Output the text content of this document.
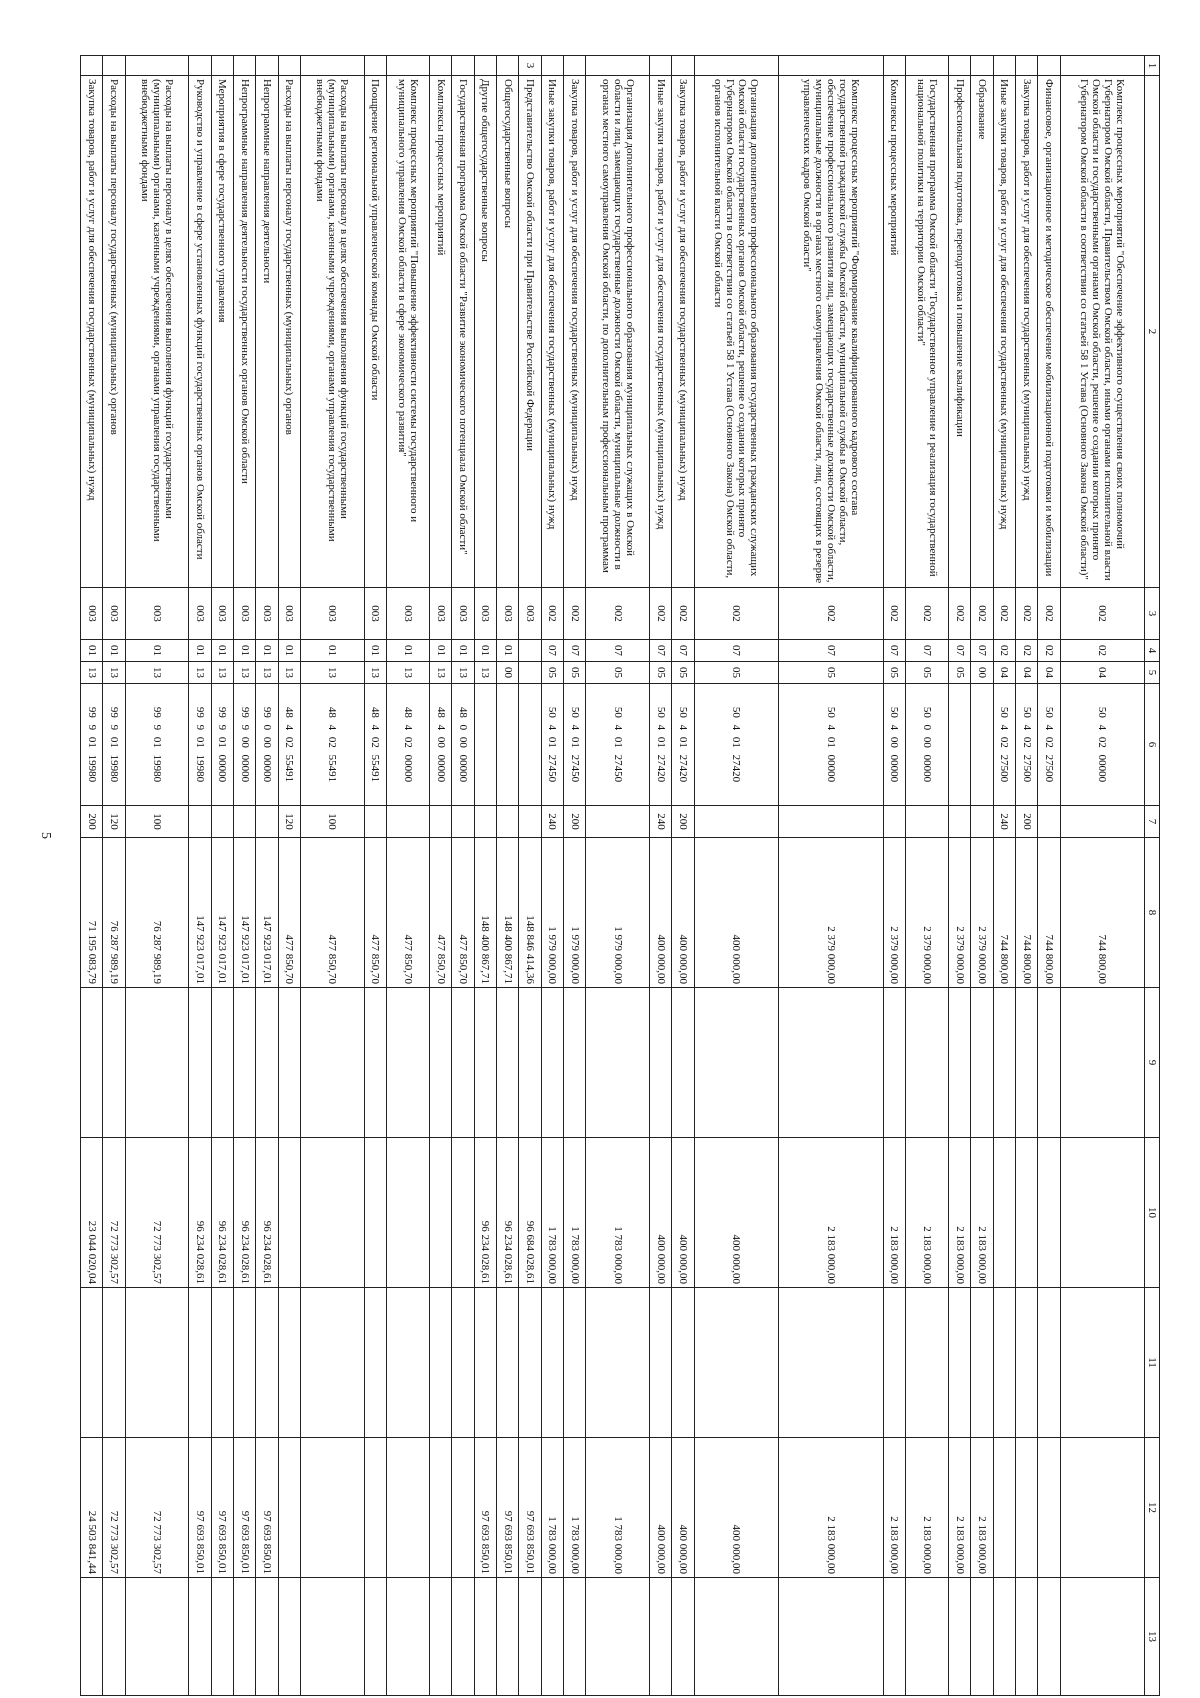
5
1	2	3	4	5	6	7	8	9	10	11	12	13
	Комплекс процессных мероприятий "Обеспечение эффективного осуществления своих полномочий Губернатором Омской области, Правительством Омской области, иными органами исполнительной власти Омской области и государственными органами Омской области, решение о создании которых принято Губернатором Омской области в соответствии со статьей 58 1 Устава (Основного Закона Омской области)"	002	02	04	50 4 02 00000		744 800,00					
	Финансовое, организационное и методическое обеспечение мобилизационной подготовки и мобилизации	002	02	04	50 4 02 27500		744 800,00					
	Закупка товаров, работ и услуг для обеспечения государственных (муниципальных) нужд	002	02	04	50 4 02 27500	200	744 800,00					
	Иные закупки товаров, работ и услуг для обеспечения государственных (муниципальных) нужд	002	02	04	50 4 02 27500	240	744 800,00					
	Образование	002	07	00			2 379 000,00		2 183 000,00		2 183 000,00	
	Профессиональная подготовка, переподготовка и повышение квалификации	002	07	05			2 379 000,00		2 183 000,00		2 183 000,00	
	Государственная программа Омской области "Государственное управление и реализация государственной национальной политики на территории Омской области"	002	07	05	50 0 00 00000		2 379 000,00		2 183 000,00		2 183 000,00	
	Комплексы процессных мероприятий	002	07	05	50 4 00 00000		2 379 000,00		2 183 000,00		2 183 000,00	
	Комплекс процессных мероприятий "Формирование квалифицированного кадрового состава государственной гражданской службы Омской области, муниципальной службы в Омской области, обеспечение профессионального развития лиц, замещающих государственные должности Омской области, муниципальные должности в органах местного самоуправления Омской области, лиц, состоящих в резерве управленческих кадров Омской области"	002	07	05	50 4 01 00000		2 379 000,00		2 183 000,00		2 183 000,00	
	Организация дополнительного профессионального образования государственных гражданских служащих Омской области государственных органов Омской области, решение о создании которых принято Губернатором Омской области в соответствии со статьей 58 1 Устава (Основного Закона) Омской области, органов исполнительной власти Омской области	002	07	05	50 4 01 27420		400 000,00		400 000,00		400 000,00	
	Закупка товаров, работ и услуг для обеспечения государственных (муниципальных) нужд	002	07	05	50 4 01 27420	200	400 000,00		400 000,00		400 000,00	
	Иные закупки товаров, работ и услуг для обеспечения государственных (муниципальных) нужд	002	07	05	50 4 01 27420	240	400 000,00		400 000,00		400 000,00	
	Организация дополнительного профессионального образования муниципальных служащих в Омской области и лиц, замещающих государственные должности Омской области, муниципальные должности в органах местного самоуправления Омской области, по дополнительным профессиональным программам	002	07	05	50 4 01 27450		1 979 000,00		1 783 000,00		1 783 000,00	
	Закупка товаров, работ и услуг для обеспечения государственных (муниципальных) нужд	002	07	05	50 4 01 27450	200	1 979 000,00		1 783 000,00		1 783 000,00	
	Иные закупки товаров, работ и услуг для обеспечения государственных (муниципальных) нужд	002	07	05	50 4 01 27450	240	1 979 000,00		1 783 000,00		1 783 000,00	
3	Представительство Омской области при Правительстве Российской Федерации	003					148 846 414,36		96 684 028,61		97 693 850,01	
	Общегосударственные вопросы	003	01	00			148 400 867,71		96 234 028,61		97 693 850,01	
	Другие общегосударственные вопросы	003	01	13			148 400 867,71		96 234 028,61		97 693 850,01	
	Государственная программа Омской области "Развитие экономического потенциала Омской области"	003	01	13	48 0 00 00000		477 850,70					
	Комплексы процессных мероприятий	003	01	13	48 4 00 00000		477 850,70					
	Комплекс процессных мероприятий "Повышение эффективности системы государственного и муниципального управления Омской области в сфере экономического развития"	003	01	13	48 4 02 00000		477 850,70					
	Поощрение региональной управленческой команды Омской области	003	01	13	48 4 02 55491		477 850,70					
	Расходы на выплаты персоналу в целях обеспечения выполнения функций государственными (муниципальными) органами, казенными учреждениями, органами управления государственными внебюджетными фондами	003	01	13	48 4 02 55491	100	477 850,70					
	Расходы на выплаты персоналу государственных (муниципальных) органов	003	01	13	48 4 02 55491	120	477 850,70					
	Непрограммные направления деятельности	003	01	13	99 0 00 00000		147 923 017,01		96 234 028,61		97 693 850,01	
	Непрограммные направления деятельности государственных органов Омской области	003	01	13	99 9 00 00000		147 923 017,01		96 234 028,61		97 693 850,01	
	Мероприятия в сфере государственного управления	003	01	13	99 9 01 00000		147 923 017,01		96 234 028,61		97 693 850,01	
	Руководство и управление в сфере установленных функций государственных органов Омской области	003	01	13	99 9 01 19980		147 923 017,01		96 234 028,61		97 693 850,01	
	Расходы на выплаты персоналу в целях обеспечения выполнения функций государственными (муниципальными) органами, казенными учреждениями, органами управления государственными внебюджетными фондами	003	01	13	99 9 01 19980	100	76 287 989,19		72 773 302,57		72 773 302,57	
	Расходы на выплаты персоналу государственных (муниципальных) органов	003	01	13	99 9 01 19980	120	76 287 989,19		72 773 302,57		72 773 302,57	
	Закупка товаров, работ и услуг для обеспечения государственных (муниципальных) нужд	003	01	13	99 9 01 19980	200	71 195 083,79		23 044 020,04		24 503 841,44	
